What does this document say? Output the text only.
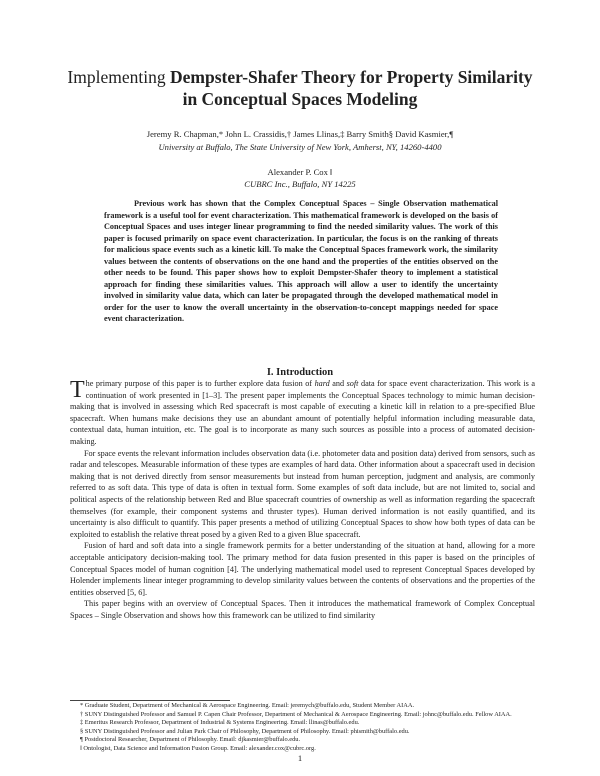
Implementing Dempster-Shafer Theory for Property Similarity
in Conceptual Spaces Modeling
Jeremy R. Chapman,* John L. Crassidis,† James Llinas,‡ Barry Smith§ David Kasmier,¶
University at Buffalo, The State University of New York, Amherst, NY, 14260-4400
Alexander P. Cox ǁ
CUBRC Inc., Buffalo, NY 14225
Previous work has shown that the Complex Conceptual Spaces – Single Observation mathematical framework is a useful tool for event characterization. This mathematical framework is developed on the basis of Conceptual Spaces and uses integer linear programming to find the needed similarity values. The work of this paper is focused primarily on space event characterization. In particular, the focus is on the ranking of threats for malicious space events such as a kinetic kill. To make the Conceptual Spaces framework work, the similarity values between the contents of observations on the one hand and the properties of the entities observed on the other needs to be found. This paper shows how to exploit Dempster-Shafer theory to implement a statistical approach for finding these similarities values. This approach will allow a user to identify the uncertainty involved in similarity value data, which can later be propagated through the developed mathematical model in order for the user to know the overall uncertainty in the observation-to-concept mappings needed for space event characterization.
I. Introduction

The primary purpose of this paper is to further explore data fusion of hard and soft data for space event characterization. This work is a continuation of work presented in [1–3]. The present paper implements the Conceptual Spaces technology to mimic human decision-making that is involved in assessing which Red spacecraft is most capable of executing a kinetic kill in relation to a pre-specified Blue spacecraft. When humans make decisions they use an abundant amount of potentially helpful information including measurable data, contextual data, human intuition, etc. The goal is to incorporate as many such sources as possible into a process of automated decision-making.

For space events the relevant information includes observation data (i.e. photometer data and position data) derived from sensors, such as radar and telescopes. Measurable information of these types are examples of hard data. Other information about a spacecraft used in decision making that is not derived directly from sensor measurements but instead from human perception, judgment and analysis, are commonly referred to as soft data. This type of data is often in textual form. Some examples of soft data include, but are not limited to, social and political aspects of the relationship between Red and Blue spacecraft countries of ownership as well as information regarding the spacecraft themselves (for example, their component systems and thruster types). Human derived information is not easily quantified, and its uncertainty is also difficult to quantify. This paper presents a method of utilizing Conceptual Spaces to show how both types of data can be exploited to establish the relative threat posed by a given Red to a given Blue spacecraft.

Fusion of hard and soft data into a single framework permits for a better understanding of the situation at hand, allowing for a more acceptable anticipatory decision-making tool. The primary method for data fusion presented in this paper is based on the principles of Conceptual Spaces model of human cognition [4]. The underlying mathematical model used to represent Conceptual Spaces developed by Holender implements linear integer programming to develop similarity values between the contents of observations and the properties of the entities observed [5, 6].

This paper begins with an overview of Conceptual Spaces. Then it introduces the mathematical framework of Complex Conceptual Spaces – Single Observation and shows how this framework can be utilized to find similarity

* Graduate Student, Department of Mechanical & Aerospace Engineering. Email: jeremych@buffalo.edu, Student Member AIAA.
† SUNY Distinguished Professor and Samuel P. Capen Chair Professor, Department of Mechanical & Aerospace Engineering. Email: johnc@buffalo.edu. Fellow AIAA.
‡ Emeritus Research Professor, Department of Industrial & Systems Engineering. Email: llinas@buffalo.edu.
§ SUNY Distinguished Professor and Julian Park Chair of Philosophy, Department of Philosophy. Email: phismith@buffalo.edu.
¶ Postdoctoral Researcher, Department of Philosophy. Email: djkasmier@buffalo.edu.
ǁ Ontologist, Data Science and Information Fusion Group. Email: alexander.cox@cubrc.org.
1
